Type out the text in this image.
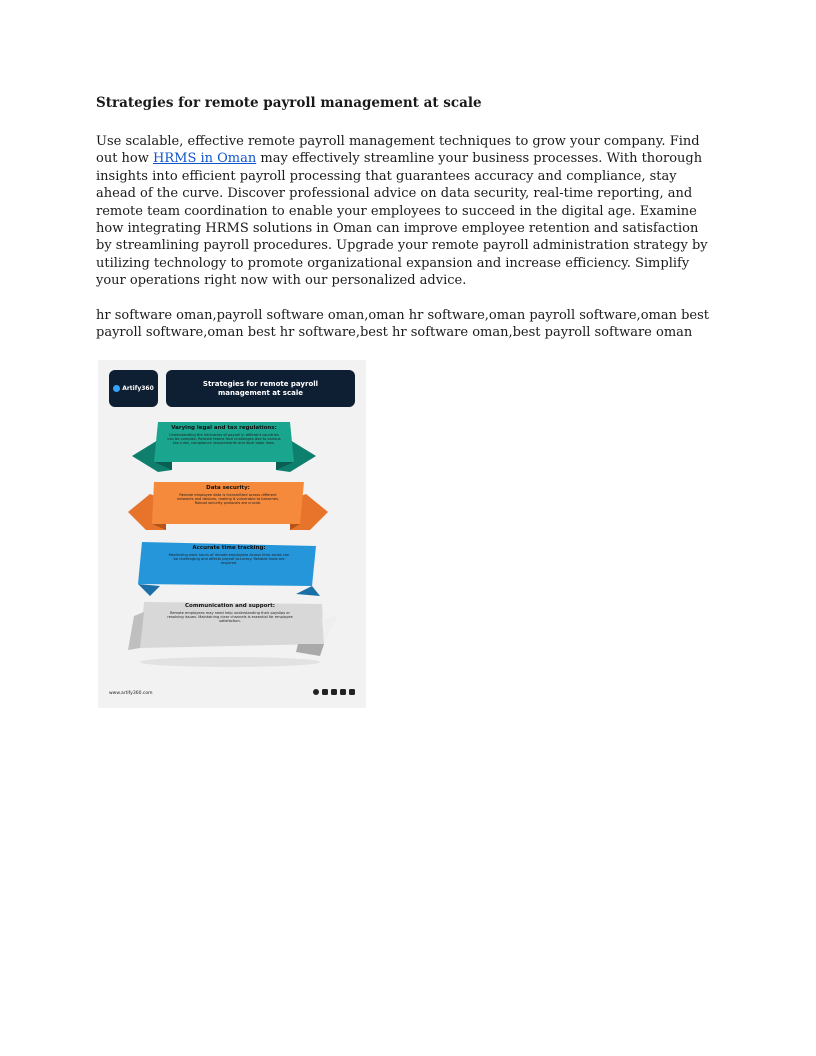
Strategies for remote payroll management at scale

Use scalable, effective remote payroll management techniques to grow your company. Find out how HRMS in Oman may effectively streamline your business processes. With thorough insights into efficient payroll processing that guarantees accuracy and compliance, stay ahead of the curve. Discover professional advice on data security, real-time reporting, and remote team coordination to enable your employees to succeed in the digital age. Examine how integrating HRMS solutions in Oman can improve employee retention and satisfaction by streamlining payroll procedures. Upgrade your remote payroll administration strategy by utilizing technology to promote organizational expansion and increase efficiency. Simplify your operations right now with our personalized advice.

hr software oman,payroll software oman,oman hr software,oman payroll software,oman best payroll software,oman best hr software,best hr software oman,best payroll software oman

Artify360
Strategies for remote payroll management at scale
Varying legal and tax regulations:
Understanding the intricacies of payroll in different countries can be complex. Remote teams face challenges due to various tax rules, compliance requirements and local labor laws.
Data security:
Remote employee data is transmitted across different networks and devices, making it vulnerable to breaches. Robust security protocols are crucial.
Accurate time tracking:
Monitoring work hours of remote employees across time zones can be challenging and affects payroll accuracy. Reliable tools are required.
Communication and support:
Remote employees may need help understanding their payslips or resolving issues. Maintaining clear channels is essential for employee satisfaction.
www.artify360.com
